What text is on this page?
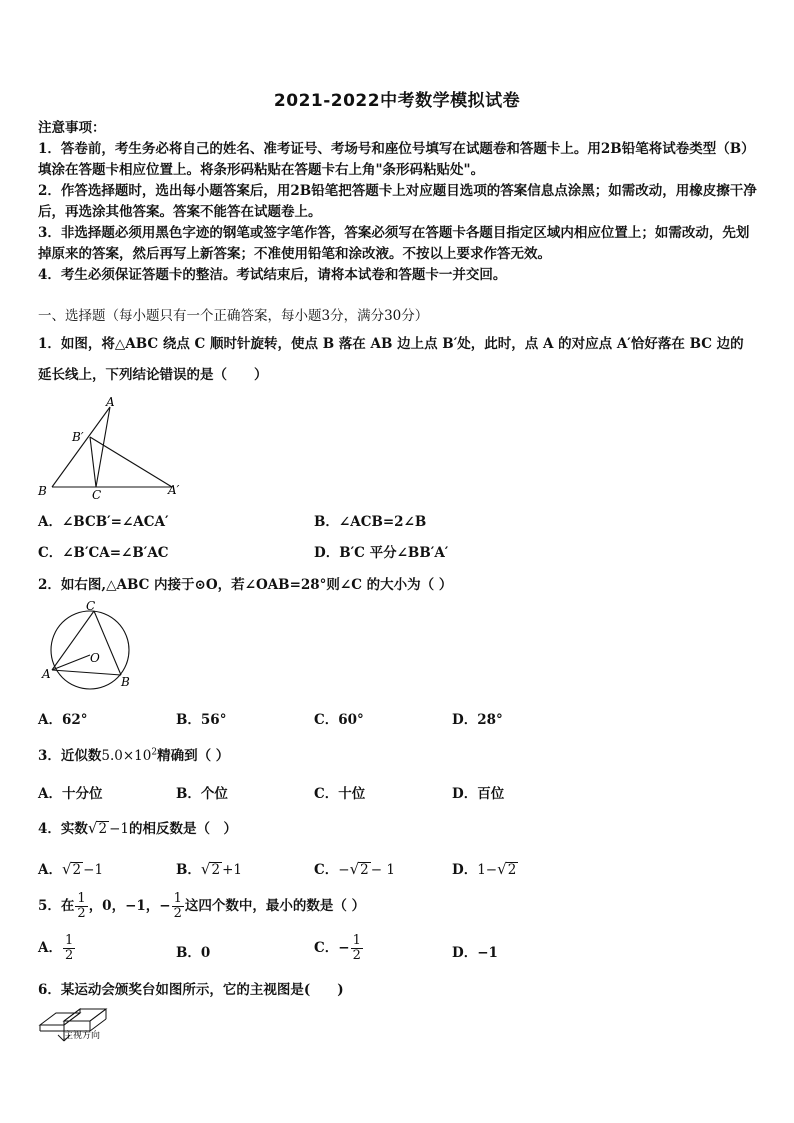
2021-2022中考数学模拟试卷

注意事项：

1．答卷前，考生务必将自己的姓名、准考证号、考场号和座位号填写在试题卷和答题卡上。用2B铅笔将试卷类型（B）填涂在答题卡相应位置上。将条形码粘贴在答题卡右上角"条形码粘贴处"。

2．作答选择题时，选出每小题答案后，用2B铅笔把答题卡上对应题目选项的答案信息点涂黑；如需改动，用橡皮擦干净后，再选涂其他答案。答案不能答在试题卷上。

3．非选择题必须用黑色字迹的钢笔或签字笔作答，答案必须写在答题卡各题目指定区域内相应位置上；如需改动，先划掉原来的答案，然后再写上新答案；不准使用铅笔和涂改液。不按以上要求作答无效。

4．考生必须保证答题卡的整洁。考试结束后，请将本试卷和答题卡一并交回。

一、选择题（每小题只有一个正确答案，每小题3分，满分30分）
1．如图，将△ABC 绕点 C 顺时针旋转，使点 B 落在 AB 边上点 B′处，此时，点 A 的对应点 A′恰好落在 BC 边的
延长线上，下列结论错误的是（　　）
A
B′
B	C	A′
A．∠BCB′=∠ACA′	B．∠ACB=2∠B
C．∠B′CA=∠B′AC	D．B′C 平分∠BB′A′
2．如右图,△ABC 内接于⊙O，若∠OAB=28°则∠C 的大小为（ ）
C
O
A
B
A．62°	B．56°	C．60°	D．28°
3．近似数$5.0\times 10^2$精确到（ ）
A．十分位	B．个位	C．十位	D．百位
4．实数√2 −1的相反数是（　）
A．√2 −1	B．√2 +1	C．−√2 − 1	D．1−√2
5．在 $\frac{1}{2}$ ，0，−1，− $\frac{1}{2}$ 这四个数中，最小的数是（ ）
A． $\frac{1}{2}$	B．0	C．− $\frac{1}{2}$	D．−1
6．某运动会颁奖台如图所示，它的主视图是(　　)
主视方向
